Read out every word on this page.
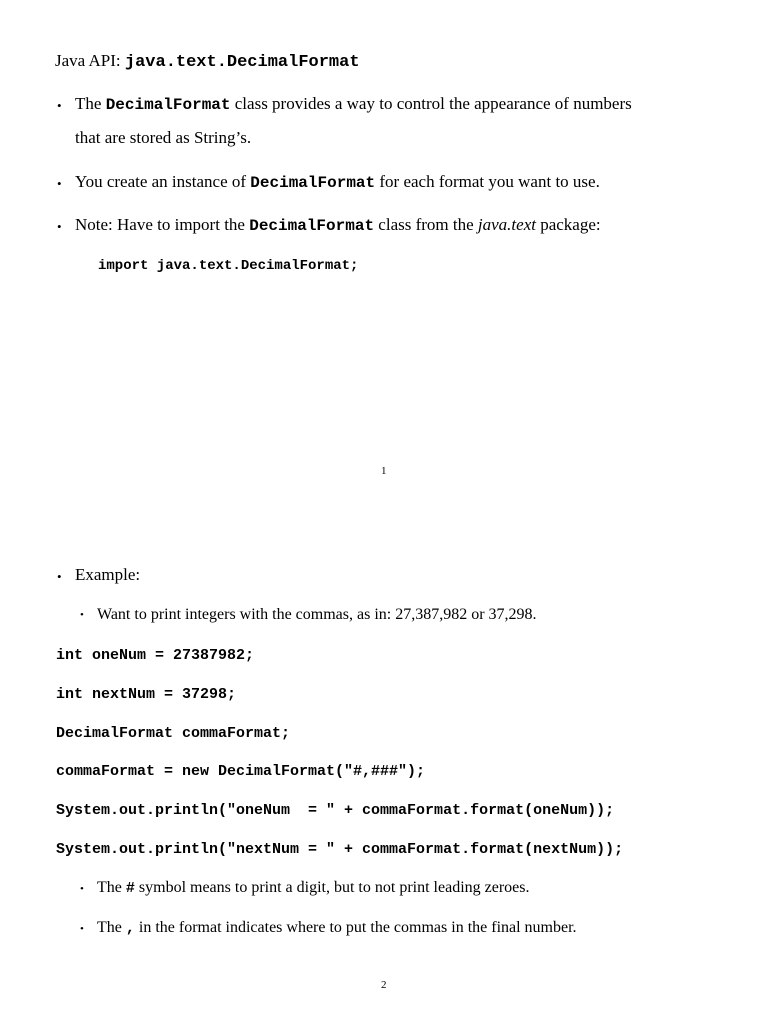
Java API: java.text.DecimalFormat
• The DecimalFormat class provides a way to control the appearance of numbers
that are stored as String’s.
• You create an instance of DecimalFormat for each format you want to use.
• Note: Have to import the DecimalFormat class from the java.text package:
import java.text.DecimalFormat;
1
• Example:
• Want to print integers with the commas, as in: 27,387,982 or 37,298.
int oneNum = 27387982;
int nextNum = 37298;
DecimalFormat commaFormat;
commaFormat = new DecimalFormat("#,###");
System.out.println("oneNum  = " + commaFormat.format(oneNum));
System.out.println("nextNum = " + commaFormat.format(nextNum));
• The # symbol means to print a digit, but to not print leading zeroes.
• The , in the format indicates where to put the commas in the final number.
2
